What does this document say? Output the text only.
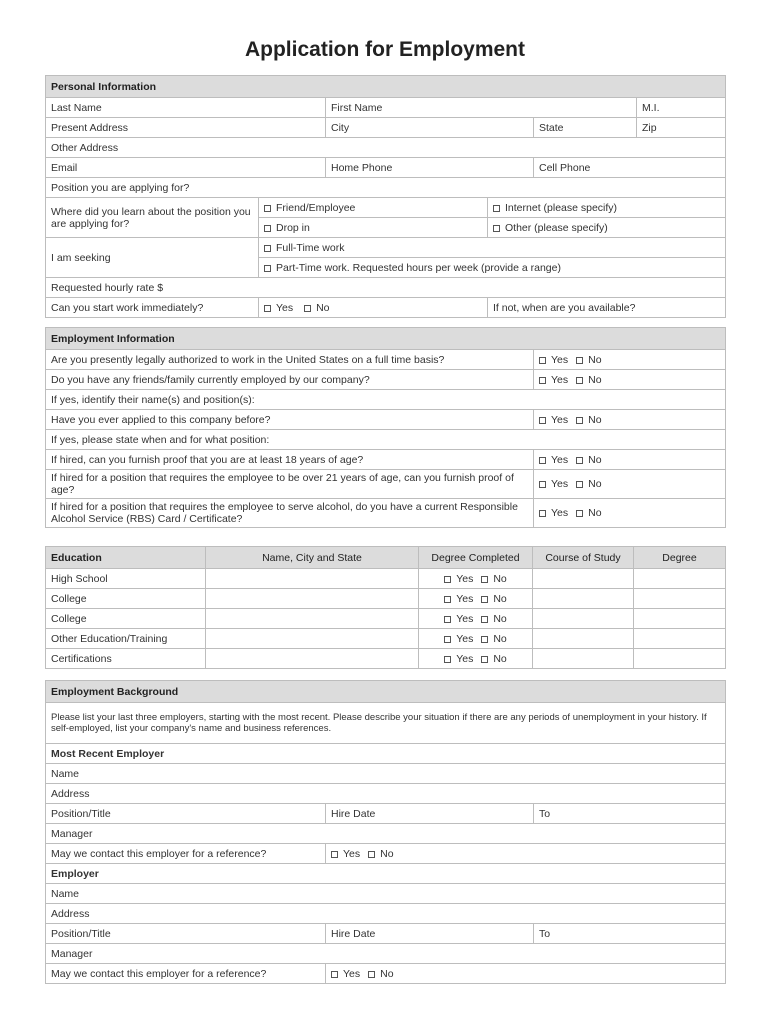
Application for Employment
Personal Information					
Last Name		First Name			M.I.
Present Address		City		State	Zip
Other Address					
Email		Home Phone		Cell Phone	
Position you are applying for?					
Where did you learn about the position you are applying for?	Friend/Employee		Internet (please specify)		
	Drop in		Other (please specify)		
I am seeking	Full-Time work				
	Part-Time work. Requested hours per week (provide a range)				
Requested hourly rate $					
Can you start work immediately?	Yes No		If not, when are you available?		
Employment Information	
Are you presently legally authorized to work in the United States on a full time basis?	Yes No
Do you have any friends/family currently employed by our company?	Yes No
If yes, identify their name(s) and position(s):	
Have you ever applied to this company before?	Yes No
If yes, please state when and for what position:	
If hired, can you furnish proof that you are at least 18 years of age?	Yes No
If hired for a position that requires the employee to be over 21 years of age, can you furnish proof of age?	Yes No
If hired for a position that requires the employee to serve alcohol, do you have a current Responsible Alcohol Service (RBS) Card / Certificate?	Yes No
Education	Name, City and State	Degree Completed	Course of Study	Degree
High School		Yes No		
College		Yes No		
College		Yes No		
Other Education/Training		Yes No		
Certifications		Yes No		
Employment Background		
Please list your last three employers, starting with the most recent. Please describe your situation if there are any periods of unemployment in your history. If self-employed, list your company's name and business references.		
Most Recent Employer		
Name		
Address		
Position/Title	Hire Date	To
Manager		
May we contact this employer for a reference?	Yes No	
Employer		
Name		
Address		
Position/Title	Hire Date	To
Manager		
May we contact this employer for a reference?	Yes No	
